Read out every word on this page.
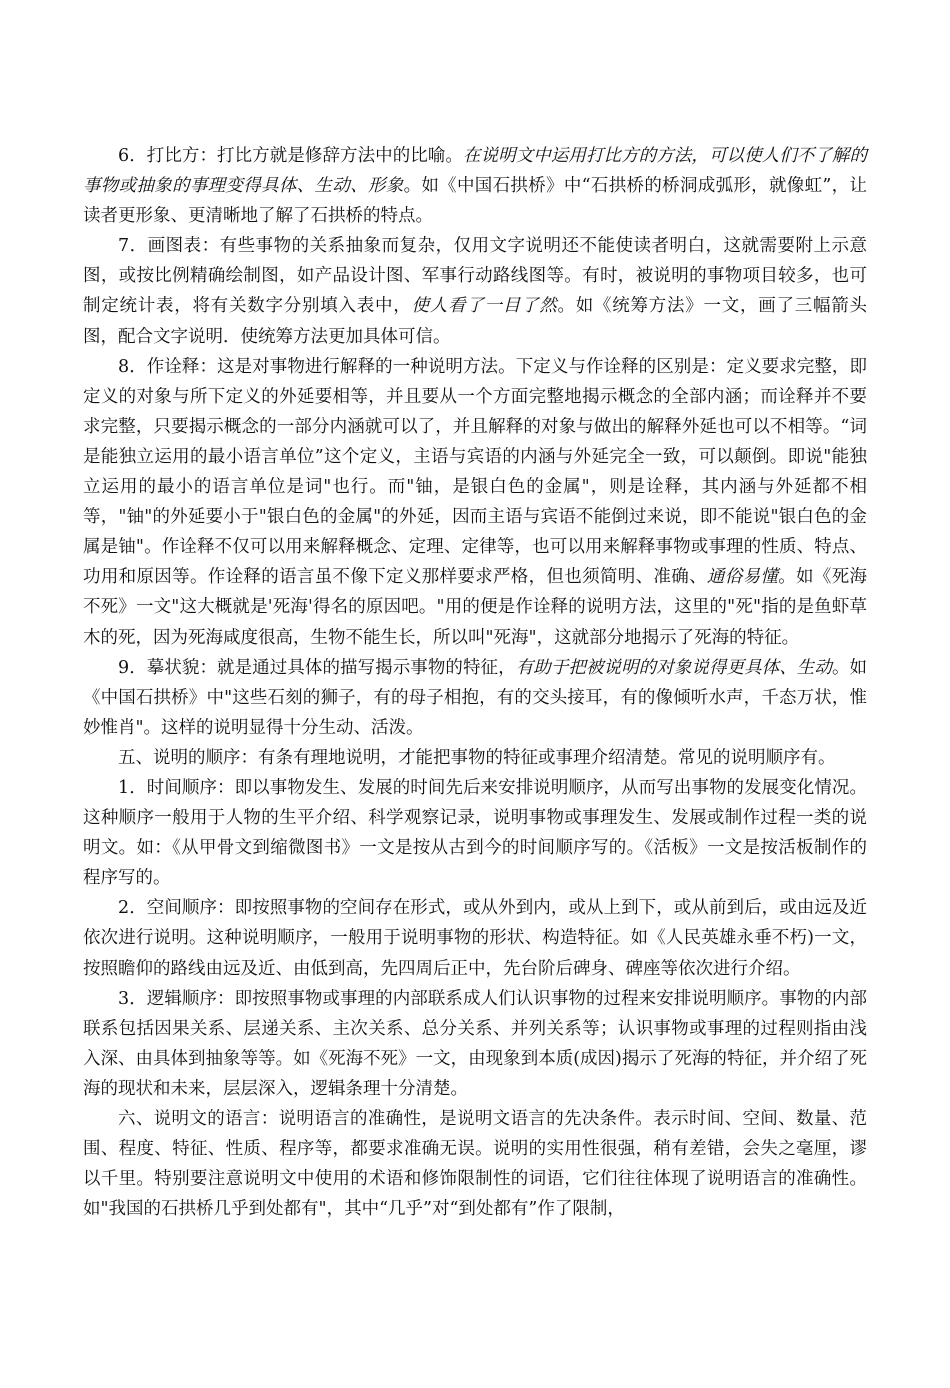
6．打比方：打比方就是修辞方法中的比喻。在说明文中运用打比方的方法，可以使人们不了解的事物或抽象的事理变得具体、生动、形象。如《中国石拱桥》中“石拱桥的桥洞成弧形，就像虹”，让读者更形象、更清晰地了解了石拱桥的特点。

7．画图表：有些事物的关系抽象而复杂，仅用文字说明还不能使读者明白，这就需要附上示意图，或按比例精确绘制图，如产品设计图、军事行动路线图等。有时，被说明的事物项目较多，也可制定统计表，将有关数字分别填入表中，使人看了一目了然。如《统筹方法》一文，画了三幅箭头图，配合文字说明．使统筹方法更加具体可信。

8．作诠释：这是对事物进行解释的一种说明方法。下定义与作诠释的区别是：定义要求完整，即定义的对象与所下定义的外延要相等，并且要从一个方面完整地揭示概念的全部内涵；而诠释并不要求完整，只要揭示概念的一部分内涵就可以了，并且解释的对象与做出的解释外延也可以不相等。“词是能独立运用的最小语言单位”这个定义，主语与宾语的内涵与外延完全一致，可以颠倒。即说"能独立运用的最小的语言单位是词"也行。而"铀，是银白色的金属"，则是诠释，其内涵与外延都不相等，"铀"的外延要小于"银白色的金属"的外延，因而主语与宾语不能倒过来说，即不能说"银白色的金属是铀"。作诠释不仅可以用来解释概念、定理、定律等，也可以用来解释事物或事理的性质、特点、功用和原因等。作诠释的语言虽不像下定义那样要求严格，但也须简明、准确、通俗易懂。如《死海不死》一文"这大概就是'死海'得名的原因吧。"用的便是作诠释的说明方法，这里的"死"指的是鱼虾草木的死，因为死海咸度很高，生物不能生长，所以叫"死海"，这就部分地揭示了死海的特征。

9．摹状貌：就是通过具体的描写揭示事物的特征，有助于把被说明的对象说得更具体、生动。如《中国石拱桥》中"这些石刻的狮子，有的母子相抱，有的交头接耳，有的像倾听水声，千态万状，惟妙惟肖"。这样的说明显得十分生动、活泼。

五、说明的顺序：有条有理地说明，才能把事物的特征或事理介绍清楚。常见的说明顺序有。

1．时间顺序：即以事物发生、发展的时间先后来安排说明顺序，从而写出事物的发展变化情况。这种顺序一般用于人物的生平介绍、科学观察记录，说明事物或事理发生、发展或制作过程一类的说明文。如：《从甲骨文到缩微图书》一文是按从古到今的时间顺序写的。《活板》一文是按活板制作的程序写的。

2．空间顺序：即按照事物的空间存在形式，或从外到内，或从上到下，或从前到后，或由远及近依次进行说明。这种说明顺序，一般用于说明事物的形状、构造特征。如《人民英雄永垂不朽)一文，按照瞻仰的路线由远及近、由低到高，先四周后正中，先台阶后碑身、碑座等依次进行介绍。

3．逻辑顺序：即按照事物或事理的内部联系成人们认识事物的过程来安排说明顺序。事物的内部联系包括因果关系、层递关系、主次关系、总分关系、并列关系等；认识事物或事理的过程则指由浅入深、由具体到抽象等等。如《死海不死》一文，由现象到本质(成因)揭示了死海的特征，并介绍了死海的现状和未来，层层深入，逻辑条理十分清楚。

六、说明文的语言：说明语言的准确性，是说明文语言的先决条件。表示时间、空间、数量、范围、程度、特征、性质、程序等，都要求准确无误。说明的实用性很强，稍有差错，会失之毫厘，谬以千里。特别要注意说明文中使用的术语和修饰限制性的词语，它们往往体现了说明语言的准确性。如"我国的石拱桥几乎到处都有"，其中“几乎”对“到处都有”作了限制，
